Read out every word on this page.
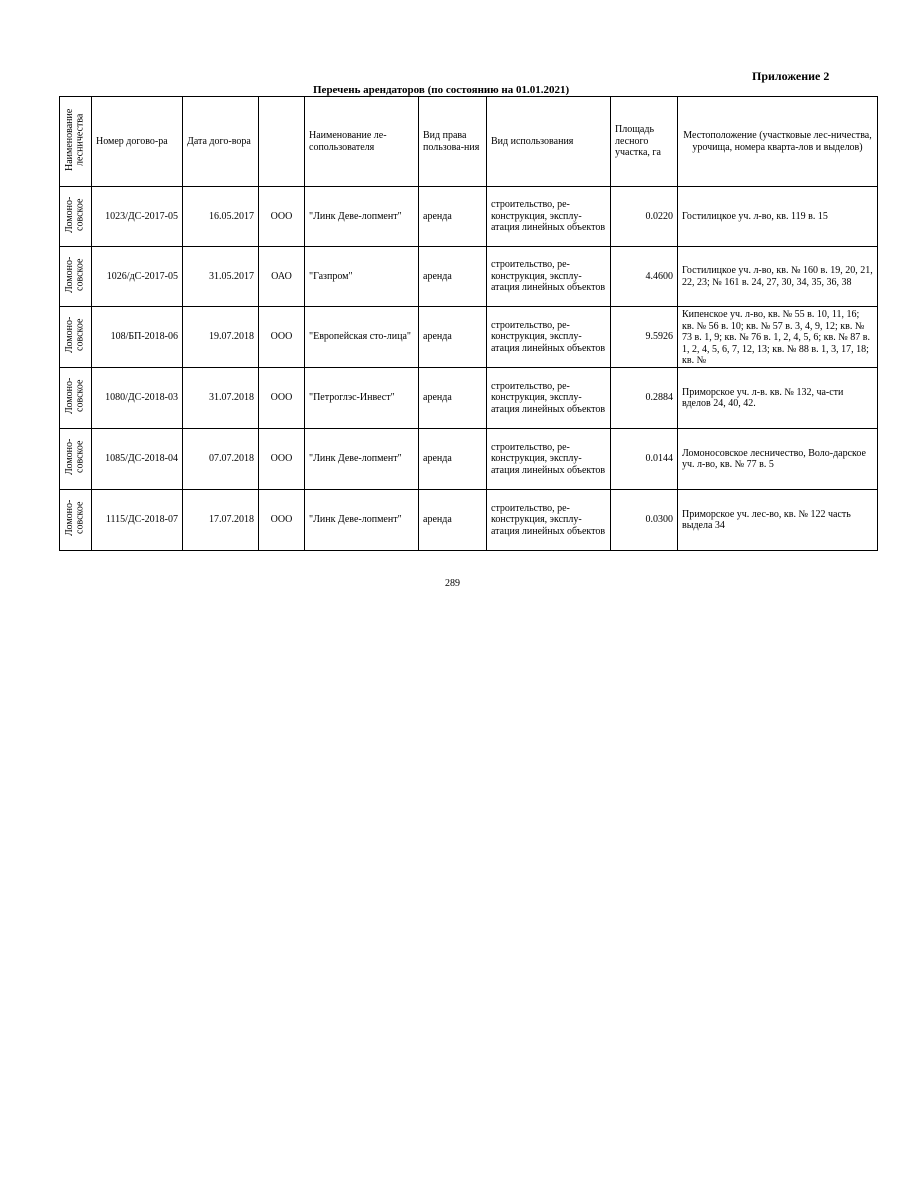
Приложение 2
Перечень арендаторов (по состоянию на 01.01.2021)
Наименование лесничества	Номер догово-ра	Дата дого-вора		Наименование ле-сопользователя	Вид права пользова-ния	Вид использования	Площадь лесного участка, га	Местоположение (участковые лес-ничества, урочища, номера кварта-лов и выделов)
Ломоно-совское	1023/ДС-2017-05	16.05.2017	ООО	"Линк Деве-лопмент"	аренда	строительство, ре-конструкция, эксплу-атация линейных объектов	0.0220	Гостилицкое уч. л-во, кв. 119 в. 15
Ломоно-совское	1026/дС-2017-05	31.05.2017	ОАО	"Газпром"	аренда	строительство, ре-конструкция, эксплу-атация линейных объектов	4.4600	Гостилицкое уч. л-во, кв. № 160 в. 19, 20, 21, 22, 23; № 161 в. 24, 27, 30, 34, 35, 36, 38
Ломоно-совское	108/БП-2018-06	19.07.2018	ООО	"Европейская сто-лица"	аренда	строительство, ре-конструкция, эксплу-атация линейных объектов	9.5926	Кипенское уч. л-во, кв. № 55 в. 10, 11, 16; кв. № 56 в. 10; кв. № 57 в. 3, 4, 9, 12; кв. № 73 в. 1, 9; кв. № 76 в. 1, 2, 4, 5, 6; кв. № 87 в. 1, 2, 4, 5, 6, 7, 12, 13; кв. № 88 в. 1, 3, 17, 18; кв. №

Ломоно-совское	1080/ДС-2018-03	31.07.2018	ООО	"Петроглэс-Инвест"	аренда	строительство, ре-конструкция, эксплу-атация линейных объектов	0.2884	Приморское уч. л-в. кв. № 132, ча-сти вделов 24, 40, 42.
Ломоно-совское	1085/ДС-2018-04	07.07.2018	ООО	"Линк Деве-лопмент"	аренда	строительство, ре-конструкция, эксплу-атация линейных объектов	0.0144	Ломоносовское лесничество, Воло-дарское уч. л-во, кв. № 77 в. 5
Ломоно-совское	1115/ДС-2018-07	17.07.2018	ООО	"Линк Деве-лопмент"	аренда	строительство, ре-конструкция, эксплу-атация линейных объектов	0.0300	Приморское уч. лес-во, кв. № 122 часть выдела 34
289
